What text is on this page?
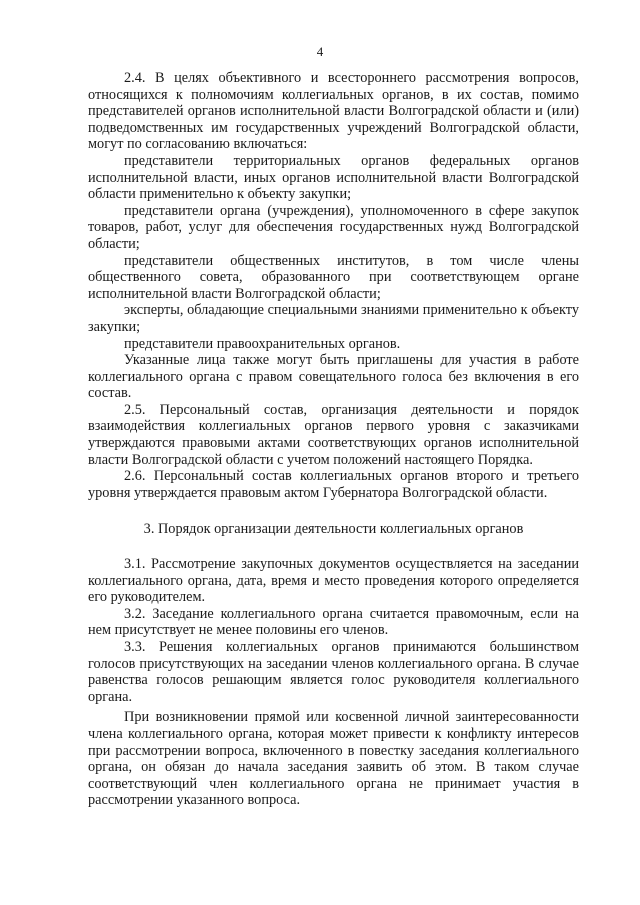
4

2.4. В целях объективного и всестороннего рассмотрения вопросов, относящихся к полномочиям коллегиальных органов, в их состав, помимо представителей органов исполнительной власти Волгоградской области и (или) подведомственных им государственных учреждений Волгоградской области, могут по согласованию включаться:

представители территориальных органов федеральных органов исполнительной власти, иных органов исполнительной власти Волгоградской области применительно к объекту закупки;

представители органа (учреждения), уполномоченного в сфере закупок товаров, работ, услуг для обеспечения государственных нужд Волгоградской области;

представители общественных институтов, в том числе члены общественного совета, образованного при соответствующем органе исполнительной власти Волгоградской области;

эксперты, обладающие специальными знаниями применительно к объекту закупки;

представители правоохранительных органов.

Указанные лица также могут быть приглашены для участия в работе коллегиального органа с правом совещательного голоса без включения в его состав.

2.5. Персональный состав, организация деятельности и порядок взаимодействия коллегиальных органов первого уровня с заказчиками утверждаются правовыми актами соответствующих органов исполнительной власти Волгоградской области с учетом положений настоящего Порядка.

2.6. Персональный состав коллегиальных органов второго и третьего уровня утверждается правовым актом Губернатора Волгоградской области.

3. Порядок организации деятельности коллегиальных органов

3.1. Рассмотрение закупочных документов осуществляется на заседании коллегиального органа, дата, время и место проведения которого определяется его руководителем.

3.2. Заседание коллегиального органа считается правомочным, если на нем присутствует не менее половины его членов.

3.3. Решения коллегиальных органов принимаются большинством голосов присутствующих на заседании членов коллегиального органа. В случае равенства голосов решающим является голос руководителя коллегиального органа.

При возникновении прямой или косвенной личной заинтересованности члена коллегиального органа, которая может привести к конфликту интересов при рассмотрении вопроса, включенного в повестку заседания коллегиального органа, он обязан до начала заседания заявить об этом. В таком случае соответствующий член коллегиального органа не принимает участия в рассмотрении указанного вопроса.
